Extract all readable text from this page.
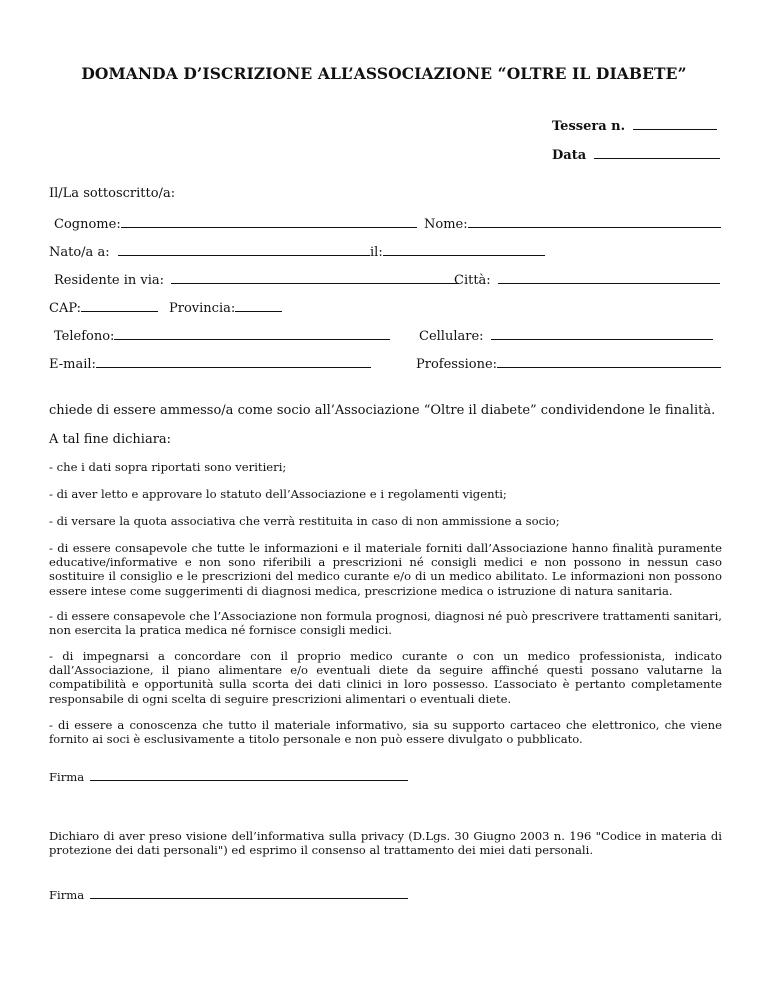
DOMANDA D’ISCRIZIONE ALL’ASSOCIAZIONE “OLTRE IL DIABETE”
Tessera n.
Data
Il/La sottoscritto/a:
Cognome:	Nome:
Nato/a a:	il:
Residente in via:	Città:
CAP:	Provincia:
Telefono:	Cellulare:
E-mail:	Professione:
chiede di essere ammesso/a come socio all’Associazione “Oltre il diabete” condividendone le finalità.
A tal fine dichiara:
- che i dati sopra riportati sono veritieri;
- di aver letto e approvare lo statuto dell’Associazione e i regolamenti vigenti;
- di versare la quota associativa che verrà restituita in caso di non ammissione a socio;
- di essere consapevole che tutte le informazioni e il materiale forniti dall’Associazione hanno finalità puramente educative/informative e non sono riferibili a prescrizioni né consigli medici e non possono in nessun caso sostituire il consiglio e le prescrizioni del medico curante e/o di un medico abilitato. Le informazioni non possono essere intese come suggerimenti di diagnosi medica, prescrizione medica o istruzione di natura sanitaria.
- di essere consapevole che l’Associazione non formula prognosi, diagnosi né può prescrivere trattamenti sanitari, non esercita la pratica medica né fornisce consigli medici.
- di impegnarsi a concordare con il proprio medico curante o con un medico professionista, indicato dall’Associazione, il piano alimentare e/o eventuali diete da seguire affinché questi possano valutarne la compatibilità e opportunità sulla scorta dei dati clinici in loro possesso. L’associato è pertanto completamente responsabile di ogni scelta di seguire prescrizioni alimentari o eventuali diete.
- di essere a conoscenza che tutto il materiale informativo, sia su supporto cartaceo che elettronico, che viene fornito ai soci è esclusivamente a titolo personale e non può essere divulgato o pubblicato.
Firma
Dichiaro di aver preso visione dell’informativa sulla privacy (D.Lgs. 30 Giugno 2003 n. 196 "Codice in materia di protezione dei dati personali") ed esprimo il consenso al trattamento dei miei dati personali.
Firma
